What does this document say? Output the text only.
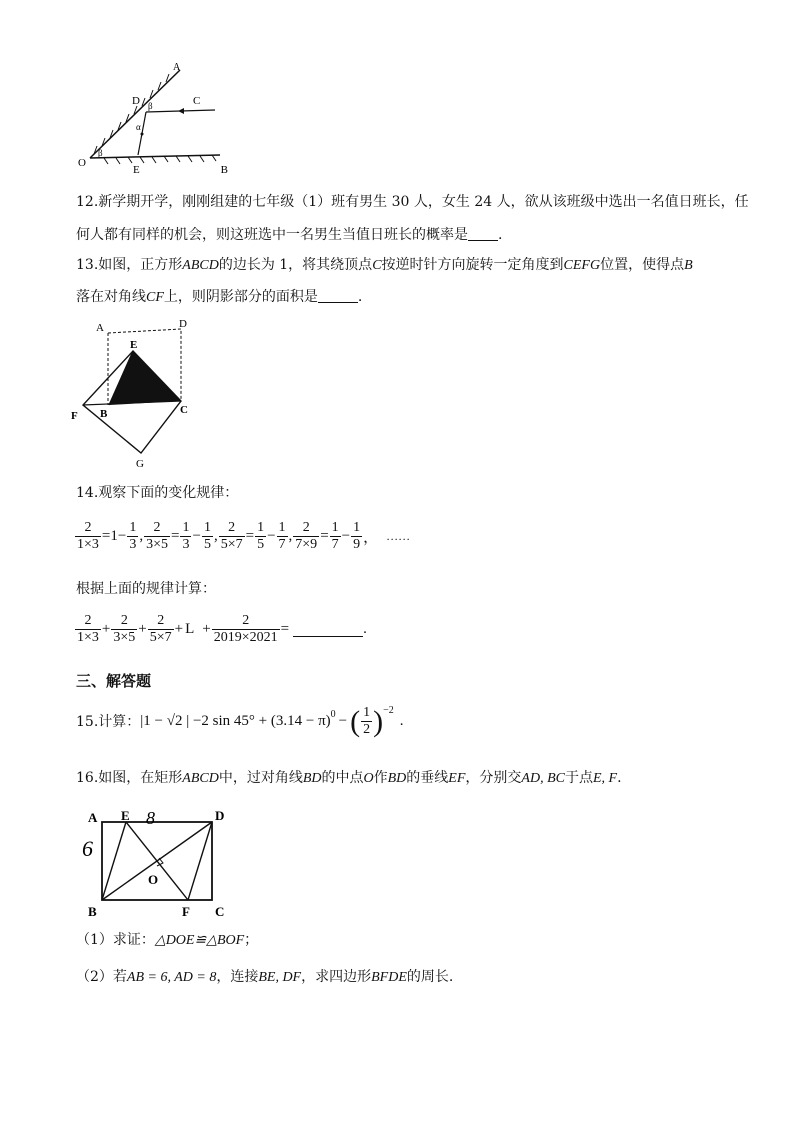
A
D	C
O
E	B
β
α
β
12.新学期开学，刚刚组建的七年级（1）班有男生 30 人，女生 24 人，欲从该班级中选出一名值日班长，任
何人都有同样的机会，则这班选中一名男生当值日班长的概率是 .
13.如图，正方形ABCD的边长为 1，将其绕顶点C按逆时针方向旋转一定角度到CEFG位置，使得点B
落在对角线CF上，则阴影部分的面积是	.
A	D
E
F B	C
G
14.观察下面的变化规律：
$\frac{2}{1\times 3} = 1 - \frac{1}{3}$ , $\frac{2}{3\times 5} = \frac{1}{3} - \frac{1}{5}$ , $\frac{2}{5\times 7} = \frac{1}{5} - \frac{1}{7}$ , $\frac{2}{7\times 9} = \frac{1}{7} - \frac{1}{9}$ ， ……
根据上面的规律计算：
$\frac{2}{1\times 3} + \frac{2}{3\times 5} + \frac{2}{5\times 7} + L + \frac{2}{2019\times 2021}$ =	.
三、解答题
15.计算： |1 − √2 | −2 $\sin 45^\circ + (3.14 - \pi)^0$ − ( $\frac{1}{2} )^{-2}$
.
16.如图，在矩形ABCD中，过对角线BD的中点O作BD的垂线EF，分别交AD, BC于点E, F.
A E 8	D
6
O
B	F C
（1）求证：△DOE≌△BOF；
（2）若AB = 6, AD = 8，连接BE, DF，求四边形BFDE的周长.
